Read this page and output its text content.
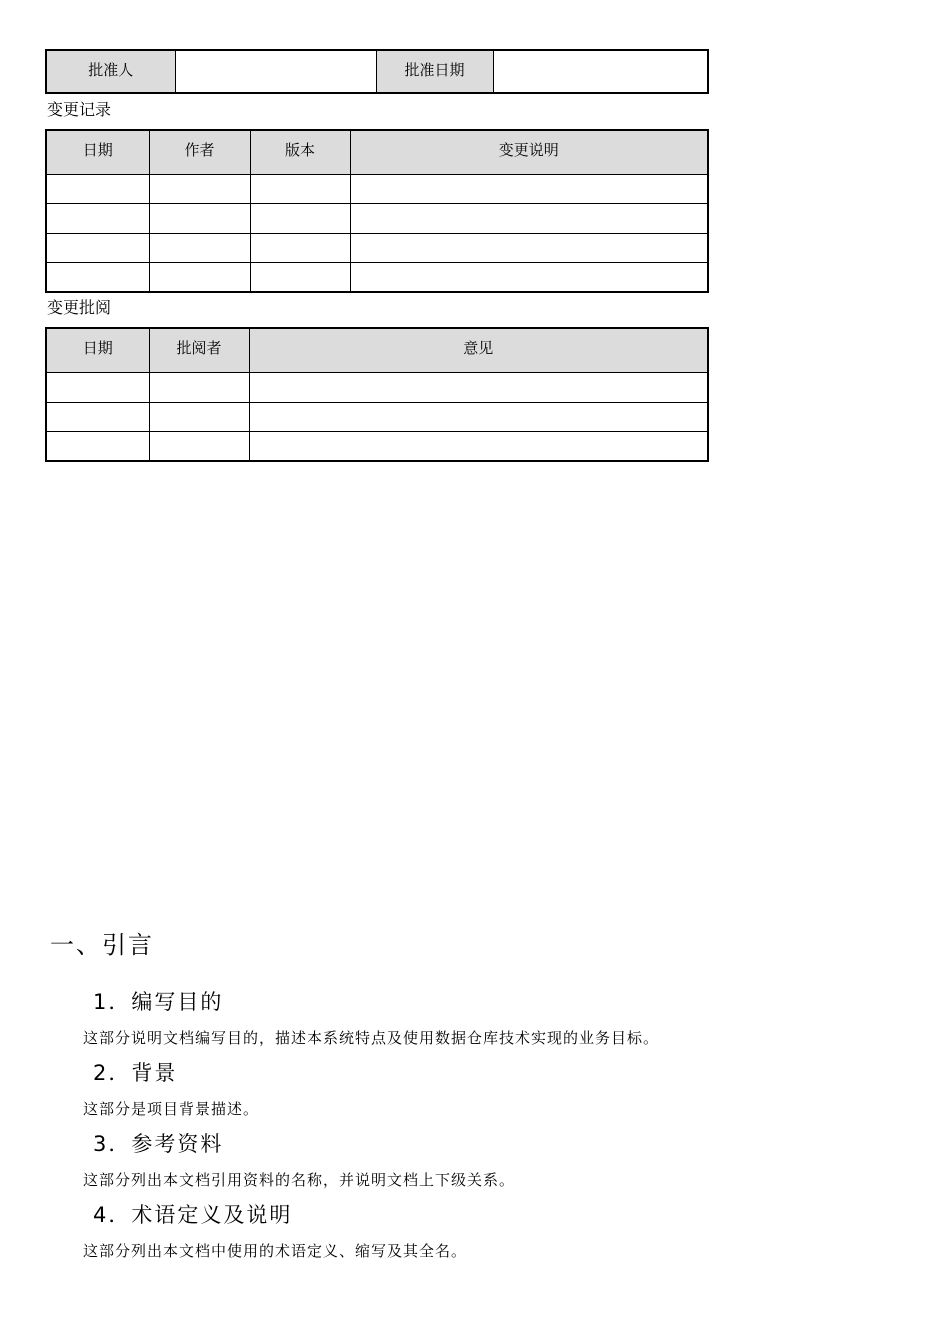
批准人		批准日期

变更记录
日期	作者	版本	变更说明

变更批阅
日期	批阅者	意见

一、引言
1．编写目的
这部分说明文档编写目的，描述本系统特点及使用数据仓库技术实现的业务目标。
2．背景
这部分是项目背景描述。
3．参考资料
这部分列出本文档引用资料的名称，并说明文档上下级关系。
4．术语定义及说明
这部分列出本文档中使用的术语定义、缩写及其全名。
